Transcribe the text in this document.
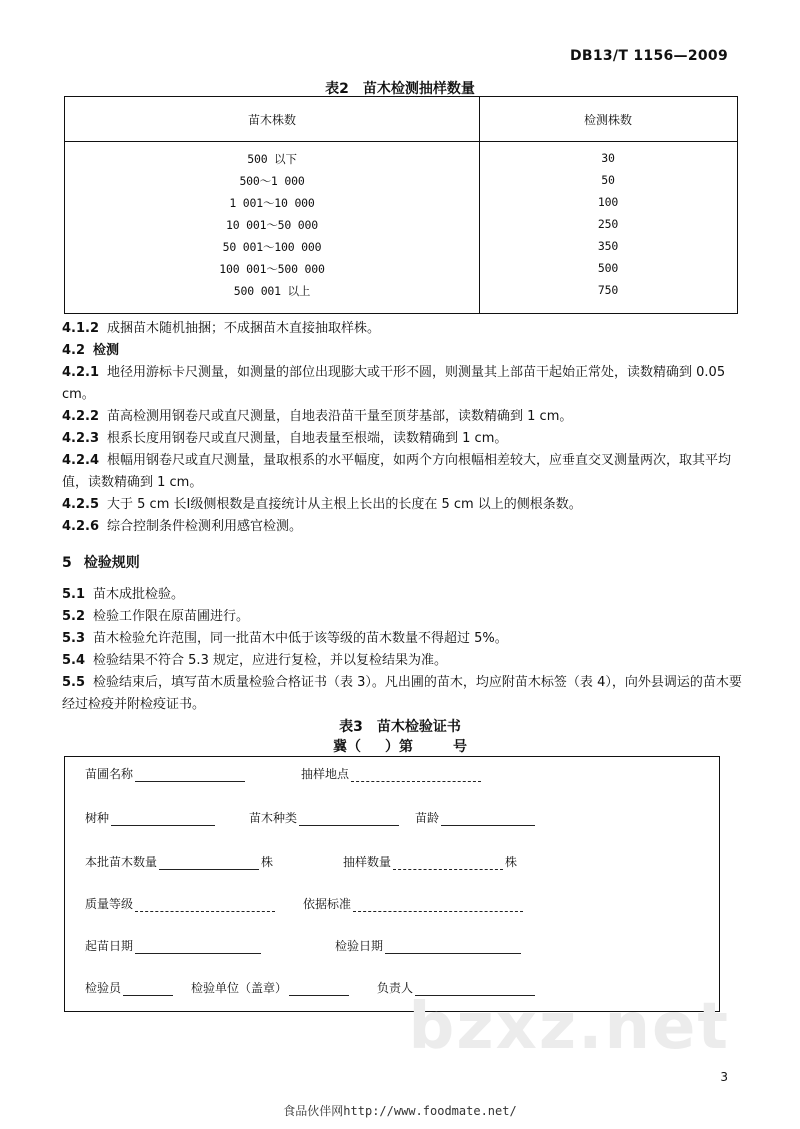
DB13/T 1156—2009
表2 苗木检测抽样数量
苗木株数	检测株数
500 以下	30
500～1 000	50
1 001～10 000	100
10 001～50 000	250
50 001～100 000	350
100 001～500 000	500
500 001 以上	750
4.1.2 成捆苗木随机抽捆；不成捆苗木直接抽取样株。
4.2 检测
4.2.1 地径用游标卡尺测量，如测量的部位出现膨大或干形不圆，则测量其上部苗干起始正常处，读数精确到 0.05 cm。
4.2.2 苗高检测用钢卷尺或直尺测量，自地表沿苗干量至顶芽基部，读数精确到 1 cm。
4.2.3 根系长度用钢卷尺或直尺测量，自地表量至根端，读数精确到 1 cm。
4.2.4 根幅用钢卷尺或直尺测量，量取根系的水平幅度，如两个方向根幅相差较大，应垂直交叉测量两次，取其平均值，读数精确到 1 cm。
4.2.5 大于 5 cm 长Ⅰ级侧根数是直接统计从主根上长出的长度在 5 cm 以上的侧根条数。
4.2.6 综合控制条件检测利用感官检测。
5 检验规则
5.1 苗木成批检验。
5.2 检验工作限在原苗圃进行。
5.3 苗木检验允许范围，同一批苗木中低于该等级的苗木数量不得超过 5%。
5.4 检验结果不符合 5.3 规定，应进行复检，并以复检结果为准。
5.5 检验结束后，填写苗木质量检验合格证书（表 3）。凡出圃的苗木，均应附苗木标签（表 4），向外县调运的苗木要经过检疫并附检疫证书。
表3 苗木检验证书
冀（ ）第	号
苗圃名称	抽样地点
树种	苗木种类	苗龄
本批苗木数量	株	抽样数量	株
质量等级	依据标准
起苗日期	检验日期
检验员	检验单位（盖章）	负责人
bzxz.net
3
食品伙伴网http://www.foodmate.net/
